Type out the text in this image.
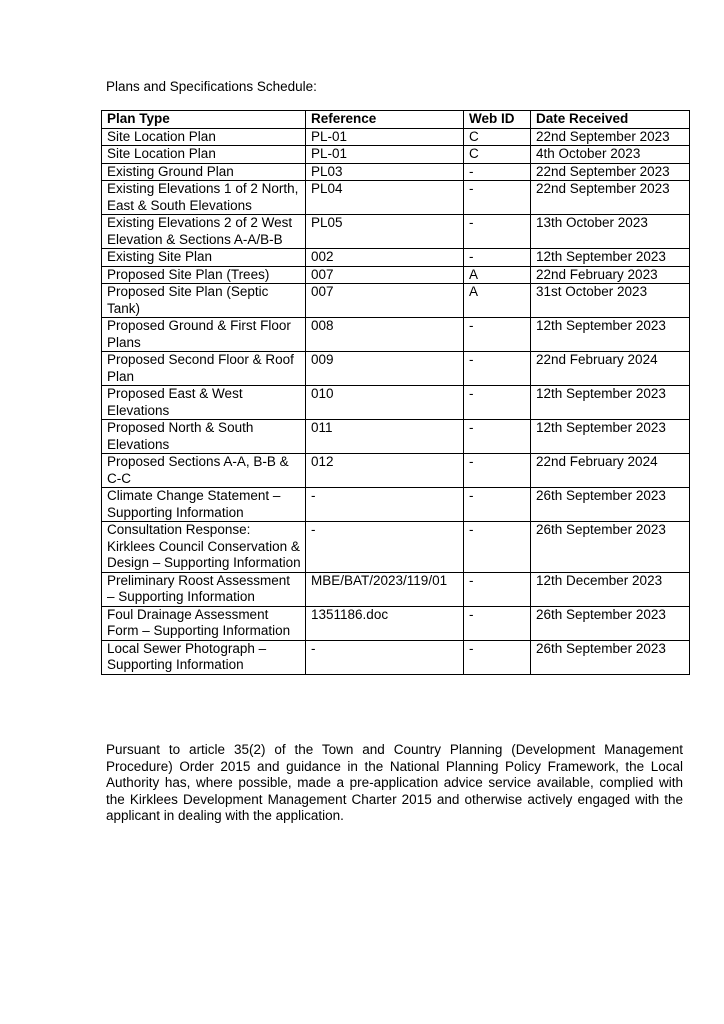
Plans and Specifications Schedule:

Plan Type	Reference	Web ID	Date Received
Site Location Plan	PL-01	C	22nd September 2023
Site Location Plan	PL-01	C	4th October 2023
Existing Ground Plan	PL03	-	22nd September 2023
Existing Elevations 1 of 2 North, East & South Elevations	PL04	-	22nd September 2023
Existing Elevations 2 of 2 West Elevation & Sections A-A/B-B	PL05	-	13th October 2023
Existing Site Plan	002	-	12th September 2023
Proposed Site Plan (Trees)	007	A	22nd February 2023
Proposed Site Plan (Septic Tank)	007	A	31st October 2023
Proposed Ground & First Floor Plans	008	-	12th September 2023
Proposed Second Floor & Roof Plan	009	-	22nd February 2024
Proposed East & West Elevations	010	-	12th September 2023
Proposed North & South Elevations	011	-	12th September 2023
Proposed Sections A-A, B-B & C-C	012	-	22nd February 2024
Climate Change Statement – Supporting Information	-	-	26th September 2023
Consultation Response: Kirklees Council Conservation & Design – Supporting Information	-	-	26th September 2023
Preliminary Roost Assessment – Supporting Information	MBE/BAT/2023/119/01	-	12th December 2023
Foul Drainage Assessment Form – Supporting Information	1351186.doc	-	26th September 2023
Local Sewer Photograph – Supporting Information	-	-	26th September 2023

Pursuant to article 35(2) of the Town and Country Planning (Development Management Procedure) Order 2015 and guidance in the National Planning Policy Framework, the Local Authority has, where possible, made a pre-application advice service available, complied with the Kirklees Development Management Charter 2015 and otherwise actively engaged with the applicant in dealing with the application.
